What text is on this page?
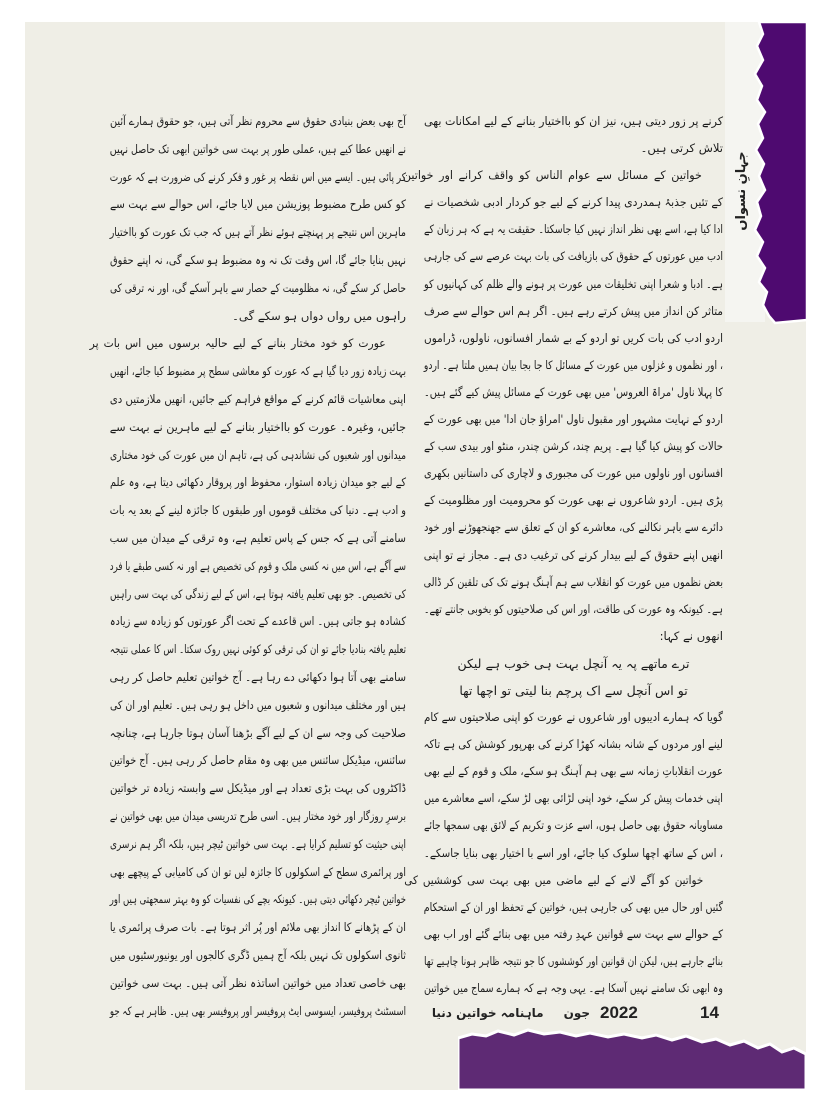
جہانِ نسواں
کرنے پر زور دیتی ہیں، نیز ان کو بااختیار بنانے کے لیے امکانات بھی
تلاش کرتی ہیں۔
خواتین کے مسائل سے عوام الناس کو واقف کرانے اور خواتین
کے تئیں جذبۂ ہمدردی پیدا کرنے کے لیے جو کردار ادبی شخصیات نے
ادا کیا ہے، اسے بھی نظر انداز نہیں کیا جاسکتا۔ حقیقت یہ ہے کہ ہر زبان کے
ادب میں عورتوں کے حقوق کی بازیافت کی بات بہت عرصے سے کی جارہی
ہے۔ ادبا و شعرا اپنی تخلیقات میں عورت پر ہونے والے ظلم کی کہانیوں کو
متاثر کن انداز میں پیش کرتے رہے ہیں۔ اگر ہم اس حوالے سے صرف
اردو ادب کی بات کریں تو اردو کے بے شمار افسانوں، ناولوں، ڈراموں
، اور نظموں و غزلوں میں عورت کے مسائل کا جا بجا بیان ہمیں ملتا ہے۔ اردو
کا پہلا ناول 'مراۃ العروس' میں بھی عورت کے مسائل پیش کیے گئے ہیں۔
اردو کے نہایت مشہور اور مقبول ناول 'امراؤ جان ادا' میں بھی عورت کے
حالات کو پیش کیا گیا ہے۔ پریم چند، کرشن چندر، منٹو اور بیدی سب کے
افسانوں اور ناولوں میں عورت کی مجبوری و لاچاری کی داستانیں بکھری
پڑی ہیں۔ اردو شاعروں نے بھی عورت کو محرومیت اور مظلومیت کے
دائرے سے باہر نکالنے کی، معاشرے کو ان کے تعلق سے جھنجھوڑنے اور خود
انھیں اپنے حقوق کے لیے بیدار کرنے کی ترغیب دی ہے۔ مجاز نے تو اپنی
بعض نظموں میں عورت کو انقلاب سے ہم آہنگ ہونے تک کی تلقین کر ڈالی
ہے۔ کیونکہ وہ عورت کی طاقت، اور اس کی صلاحیتوں کو بخوبی جانتے تھے۔
انھوں نے کہا:
ترے ماتھے پہ یہ آنچل بہت ہی خوب ہے لیکن
تو اس آنچل سے اک پرچم بنا لیتی تو اچھا تھا
گویا کہ ہمارے ادیبوں اور شاعروں نے عورت کو اپنی صلاحیتوں سے کام
لینے اور مردوں کے شانہ بشانہ کھڑا کرنے کی بھرپور کوشش کی ہے تاکہ
عورت انقلاباتِ زمانہ سے بھی ہم آہنگ ہو سکے، ملک و قوم کے لیے بھی
اپنی خدمات پیش کر سکے، خود اپنی لڑائی بھی لڑ سکے، اسے معاشرے میں
مساویانہ حقوق بھی حاصل ہوں، اسے عزت و تکریم کے لائق بھی سمجھا جائے
، اس کے ساتھ اچھا سلوک کیا جائے، اور اسے با اختیار بھی بنایا جاسکے۔
خواتین کو آگے لانے کے لیے ماضی میں بھی بہت سی کوششیں کی
گئیں اور حال میں بھی کی جارہی ہیں، خواتین کے تحفظ اور ان کے استحکام
کے حوالے سے بہت سے قوانین عہدِ رفتہ میں بھی بنائے گئے اور اب بھی
بنائے جارہے ہیں، لیکن ان قوانین اور کوششوں کا جو نتیجہ ظاہر ہونا چاہیے تھا
وہ ابھی تک سامنے نہیں آسکا ہے۔ یہی وجہ ہے کہ ہمارے سماج میں خواتین
آج بھی بعض بنیادی حقوق سے محروم نظر آتی ہیں، جو حقوق ہمارے آئین
نے انھیں عطا کیے ہیں، عملی طور پر بہت سی خواتین ابھی تک حاصل نہیں
کر پائی ہیں۔ ایسے میں اس نقطہ پر غور و فکر کرنے کی ضرورت ہے کہ عورت
کو کس طرح مضبوط پوزیشن میں لایا جائے، اس حوالے سے بہت سے
ماہرین اس نتیجے پر پہنچتے ہوئے نظر آتے ہیں کہ جب تک عورت کو بااختیار
نہیں بنایا جائے گا، اس وقت تک نہ وہ مضبوط ہو سکے گی، نہ اپنے حقوق
حاصل کر سکے گی، نہ مظلومیت کے حصار سے باہر آسکے گی، اور نہ ترقی کی
راہوں میں رواں دواں ہو سکے گی۔
عورت کو خود مختار بنانے کے لیے حالیہ برسوں میں اس بات پر
بہت زیادہ زور دیا گیا ہے کہ عورت کو معاشی سطح پر مضبوط کیا جائے، انھیں
اپنی معاشیات قائم کرنے کے مواقع فراہم کیے جائیں، انھیں ملازمتیں دی
جائیں، وغیرہ۔ عورت کو بااختیار بنانے کے لیے ماہرین نے بہت سے
میدانوں اور شعبوں کی نشاندہی کی ہے، تاہم ان میں عورت کی خود مختاری
کے لیے جو میدان زیادہ استوار، محفوظ اور پروقار دکھائی دیتا ہے، وہ علم
و ادب ہے۔ دنیا کی مختلف قوموں اور طبقوں کا جائزہ لینے کے بعد یہ بات
سامنے آتی ہے کہ جس کے پاس تعلیم ہے، وہ ترقی کے میدان میں سب
سے آگے ہے، اس میں نہ کسی ملک و قوم کی تخصیص ہے اور نہ کسی طبقے یا فرد
کی تخصیص۔ جو بھی تعلیم یافتہ ہوتا ہے، اس کے لیے زندگی کی بہت سی راہیں
کشادہ ہو جاتی ہیں۔ اس قاعدے کے تحت اگر عورتوں کو زیادہ سے زیادہ
تعلیم یافتہ بنادیا جائے تو ان کی ترقی کو کوئی نہیں روک سکتا۔ اس کا عملی نتیجہ
سامنے بھی آتا ہوا دکھائی دے رہا ہے۔ آج خواتین تعلیم حاصل کر رہی
ہیں اور مختلف میدانوں و شعبوں میں داخل ہو رہی ہیں۔ تعلیم اور ان کی
صلاحیت کی وجہ سے ان کے لیے آگے بڑھنا آسان ہوتا جارہا ہے، چنانچہ
سائنس، میڈیکل سائنس میں بھی وہ مقام حاصل کر رہی ہیں۔ آج خواتین
ڈاکٹروں کی بہت بڑی تعداد ہے اور میڈیکل سے وابستہ زیادہ تر خواتین
برسرِ روزگار اور خود مختار ہیں۔ اسی طرح تدریسی میدان میں بھی خواتین نے
اپنی حیثیت کو تسلیم کرایا ہے۔ بہت سی خواتین ٹیچر ہیں، بلکہ اگر ہم نرسری
اور پرائمری سطح کے اسکولوں کا جائزہ لیں تو ان کی کامیابی کے پیچھے بھی
خواتین ٹیچر دکھائی دیتی ہیں۔ کیونکہ بچے کی نفسیات کو وہ بہتر سمجھتی ہیں اور
ان کے پڑھانے کا انداز بھی ملائم اور پُر اثر ہوتا ہے۔ بات صرف پرائمری یا
ثانوی اسکولوں تک نہیں بلکہ آج ہمیں ڈگری کالجوں اور یونیورسٹیوں میں
بھی خاصی تعداد میں خواتین اساتذہ نظر آتی ہیں۔ بہت سی خواتین
اسسٹنٹ پروفیسر، ایسوسی ایٹ پروفیسر اور پروفیسر بھی ہیں۔ ظاہر ہے کہ جو	14
2022
جون
ماہنامہ خواتین دنیا
